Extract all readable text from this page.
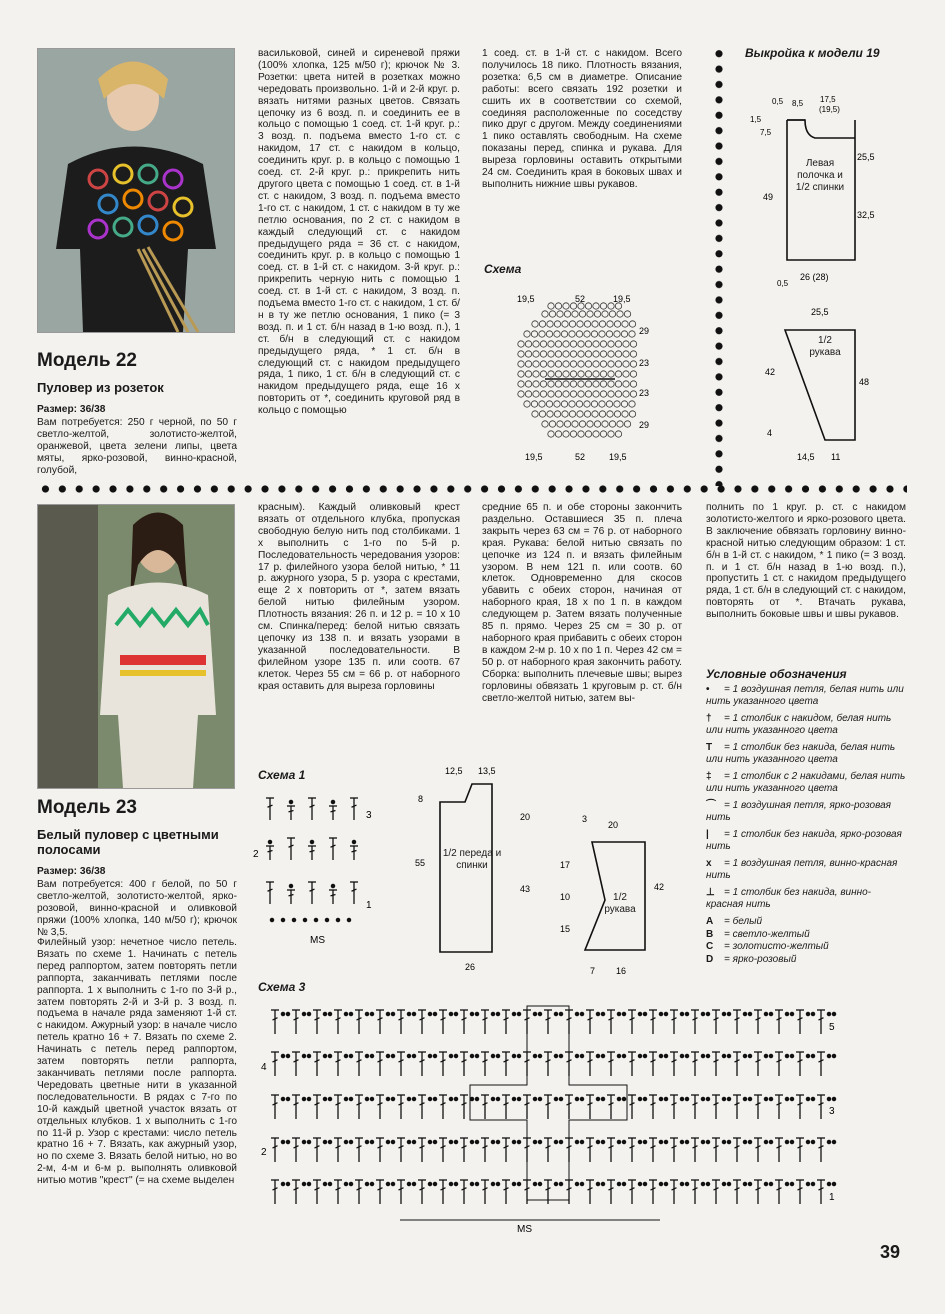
Модель 22
Пуловер из розеток
Размер: 36/38
Вам потребуется: 250 г черной, по 50 г светло-желтой, золотисто-желтой, оранжевой, цвета зелени липы, цвета мяты, ярко-розовой, винно-красной, голубой,
васильковой, синей и сиреневой пряжи (100% хлопка, 125 м/50 г); крючок № 3. Розетки: цвета нитей в розетках можно чередовать произвольно. 1-й и 2-й круг. р. вязать нитями разных цветов. Связать цепочку из 6 возд. п. и соединить ее в кольцо с помощью 1 соед. ст. 1-й круг. р.: 3 возд. п. подъема вместо 1-го ст. с накидом, 17 ст. с накидом в кольцо, соединить круг. р. в кольцо с помощью 1 соед. ст. 2-й круг. р.: прикрепить нить другого цвета с помощью 1 соед. ст. в 1-й ст. с накидом, 3 возд. п. подъема вместо 1-го ст. с накидом, 1 ст. с накидом в ту же петлю основания, по 2 ст. с накидом в каждый следующий ст. с накидом предыдущего ряда = 36 ст. с накидом, соединить круг. р. в кольцо с помощью 1 соед. ст. в 1-й ст. с накидом. 3-й круг. р.: прикрепить черную нить с помощью 1 соед. ст. в 1-й ст. с накидом, 3 возд. п. подъема вместо 1-го ст. с накидом, 1 ст. б/н в ту же петлю основания, 1 пико (= 3 возд. п. и 1 ст. б/н назад в 1-ю возд. п.), 1 ст. б/н в следующий ст. с накидом предыдущего ряда, * 1 ст. б/н в следующий ст. с накидом предыдущего ряда, 1 пико, 1 ст. б/н в следующий ст. с накидом предыдущего ряда, еще 16 х повторить от *, соединить круговой ряд в кольцо с помощью
1 соед. ст. в 1-й ст. с накидом. Всего получилось 18 пико. Плотность вязания, розетка: 6,5 см в диаметре. Описание работы: всего связать 192 розетки и сшить их в соответствии со схемой, соединяя расположенные по соседству пико друг с другом. Между соединениями 1 пико оставлять свободным. На схеме показаны перед, спинка и рукава. Для выреза горловины оставить открытыми 24 см. Соединить края в боковых швах и выполнить нижние швы рукавов.
Схема
19,5	52	19,5
29
23
23
29
19,5	52	19,5
Выкройка к модели 19
0,5 8,5 17,5
(19,5)
1,5
7,5
49
25,5
32,5
0,5
26 (28)
Левая полочка и 1/2 спинки
25,5
42
4
48
14,5 11
1/2 рукава
Модель 23
Белый пуловер с цветными полосами
Размер: 36/38
Вам потребуется: 400 г белой, по 50 г светло-желтой, золотисто-желтой, ярко-розовой, винно-красной и оливковой пряжи (100% хлопка, 140 м/50 г); крючок № 3,5.
Филейный узор: нечетное число петель. Вязать по схеме 1. Начинать с петель перед раппортом, затем повторять петли раппорта, заканчивать петлями после раппорта. 1 х выполнить с 1-го по 3-й р., затем повторять 2-й и 3-й р. 3 возд. п. подъема в начале ряда заменяют 1-й ст. с накидом. Ажурный узор: в начале число петель кратно 16 + 7. Вязать по схеме 2. Начинать с петель перед раппортом, затем повторять петли раппорта, заканчивать петлями после раппорта. Чередовать цветные нити в указанной последовательности. В рядах с 7-го по 10-й каждый цветной участок вязать от отдельных клубков. 1 х выполнить с 1-го по 11-й р. Узор с крестами: число петель кратно 16 + 7. Вязать, как ажурный узор, но по схеме 3. Вязать белой нитью, но во 2-м, 4-м и 6-м р. выполнять оливковой нитью мотив "крест" (= на схеме выделен
красным). Каждый оливковый крест вязать от отдельного клубка, пропуская свободную белую нить под столбиками. 1 х выполнить с 1-го по 5-й р. Последовательность чередования узоров: 17 р. филейного узора белой нитью, * 11 р. ажурного узора, 5 р. узора с крестами, еще 2 х повторить от *, затем вязать белой нитью филейным узором. Плотность вязания: 26 п. и 12 р. = 10 х 10 см. Спинка/перед: белой нитью связать цепочку из 138 п. и вязать узорами в указанной последовательности. В филейном узоре 135 п. или соотв. 67 клеток. Через 55 см = 66 р. от наборного края оставить для выреза горловины
средние 65 п. и обе стороны закончить раздельно. Оставшиеся 35 п. плеча закрыть через 63 см = 76 р. от наборного края. Рукава: белой нитью связать по цепочке из 124 п. и вязать филейным узором. В нем 121 п. или соотв. 60 клеток. Одновременно для скосов убавить с обеих сторон, начиная от наборного края, 18 х по 1 п. в каждом следующем р. Затем вязать полученные 85 п. прямо. Через 25 см = 30 р. от наборного края прибавить с обеих сторон в каждом 2-м р. 10 х по 1 п. Через 42 см = 50 р. от наборного края закончить работу. Сборка: выполнить плечевые швы; вырез горловины обвязать 1 круговым р. ст. б/н светло-желтой нитью, затем вы-
полнить по 1 круг. р. ст. с накидом золотисто-желтого и ярко-розового цвета. В заключение обвязать горловину винно-красной нитью следующим образом: 1 ст. б/н в 1-й ст. с накидом, * 1 пико (= 3 возд. п. и 1 ст. б/н назад в 1-ю возд. п.), пропустить 1 ст. с накидом предыдущего ряда, 1 ст. б/н в следующий ст. с накидом, повторять от *. Втачать рукава, выполнить боковые швы и швы рукавов.
Условные обозначения
• = 1 воздушная петля, белая нить или нить указанного цвета
† = 1 столбик с накидом, белая нить или нить указанного цвета
T = 1 столбик без накида, белая нить или нить указанного цвета
‡ = 1 столбик с 2 накидами, белая нить или нить указанного цвета
⌒ = 1 воздушная петля, ярко-розовая нить
| = 1 столбик без накида, ярко-розовая нить
x = 1 воздушная петля, винно-красная нить
⊥ = 1 столбик без накида, винно-красная нить
A = белый
B = светло-желтый
C = золотисто-желтый
D = ярко-розовый
Схема 1
3
2
1
MS
12,5 13,5
8
55
20
43
26
1/2 переда и спинки
3
20
17
10
15
42
7 16
1/2 рукава
Схема 3
5
4
3
2
1
MS
39
